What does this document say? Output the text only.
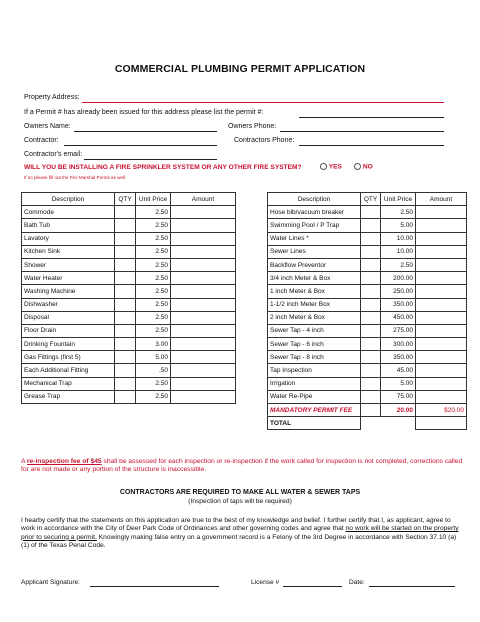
COMMERCIAL PLUMBING PERMIT APPLICATION
Property Address:
If a Permit # has already been issued for this address please list the permit #:
Owners Name:	Owners Phone:
Contractor:	Contractors Phone:
Contractor's email:
WILL YOU BE INSTALLING A FIRE SPRINKLER SYSTEM OR ANY OTHER FIRE SYSTEM?	YES	NO
If so please fill out the Fire Marshal Permit as well.
Description	QTY	Unit Price	Amount
Commode		2.50	
Bath Tub		2.50	
Lavatory		2.50	
Kitchen Sink		2.50	
Shower		2.50	
Water Heater		2.50	
Washing Machine		2.50	
Dishwasher		2.50	
Disposal		2.50	
Floor Drain		2.50	
Drinking Fountain		3.00	
Gas Fittings (first 5)		5.00	
Each Additional Fitting		.50	
Mechanical Trap		2.50	
Grease Trap		2.50	
Description	QTY	Unit Price	Amount
Hose bib/vacuum breaker		2.50	
Swimming Pool / P Trap		5.00	
Water Lines *		10.00	
Sewer Lines		10.00	
Backflow Preventor		2.50	
3/4 inch Meter & Box		200.00	
1 inch Meter & Box		250.00	
1-1/2 inch Meter Box		350.00	
2 inch Meter & Box		450.00	
Sewer Tap - 4 inch		275.00	
Sewer Tap - 6 inch		300.00	
Sewer Tap - 8 inch		350.00	
Tap Inspection		45.00	
Irrigation		5.00	
Water Re-Pipe		75.00	
MANDATORY PERMIT FEE		20.00	$20.00
TOTAL			
A re-inspection fee of $45 shall be assessed for each inspection or re-inspection if the work called for inspection is not completed, corrections called for are not made or any portion of the structure is inaccessible.
CONTRACTORS ARE REQUIRED TO MAKE ALL WATER & SEWER TAPS
(Inspection of taps will be required)
I hearby certify that the statements on this application are true to the best of my knowledge and belief. I further certify that I, as applicant, agree to work in accordance with the City of Deer Park Code of Ordinances and other governing codes and agree that no work will be started on the property prior to securing a permit. Knowingly making false entry on a government record is a Felony of the 3rd Degree in accordance with Section 37.10 (a) (1) of the Texas Penal Code.
Applicant Signature:	License #	Date:
